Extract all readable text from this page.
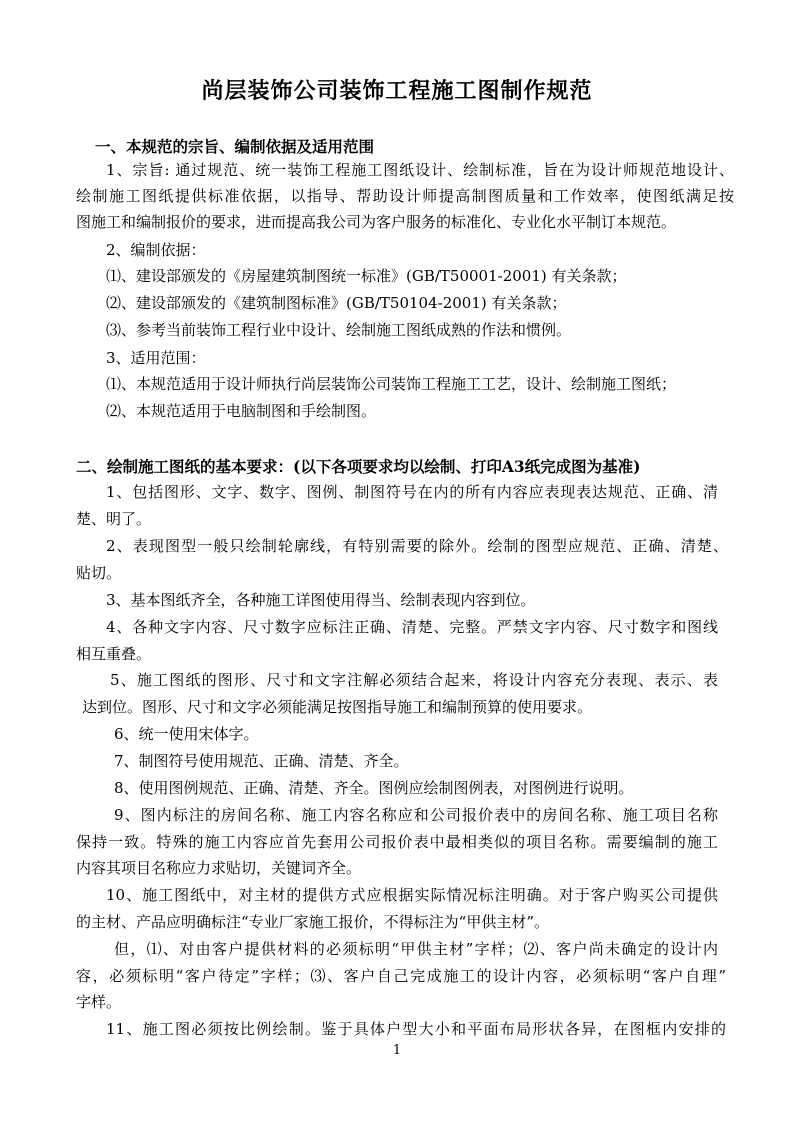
尚层装饰公司装饰工程施工图制作规范
一、本规范的宗旨、编制依据及适用范围
1、宗旨: 通过规范、统一装饰工程施工图纸设计、绘制标准，旨在为设计师规范地设计、
绘制施工图纸提供标准依据，以指导、帮助设计师提高制图质量和工作效率，使图纸满足按
图施工和编制报价的要求，进而提高我公司为客户服务的标准化、专业化水平制订本规范。
2、编制依据：
⑴、建设部颁发的《房屋建筑制图统一标准》(GB/T50001-2001) 有关条款；
⑵、建设部颁发的《建筑制图标准》(GB/T50104-2001) 有关条款；
⑶、参考当前装饰工程行业中设计、绘制施工图纸成熟的作法和惯例。
3、适用范围：
⑴、本规范适用于设计师执行尚层装饰公司装饰工程施工工艺，设计、绘制施工图纸；
⑵、本规范适用于电脑制图和手绘制图。
二、绘制施工图纸的基本要求：(以下各项要求均以绘制、打印A3纸完成图为基准)
1、包括图形、文字、数字、图例、制图符号在内的所有内容应表现表达规范、正确、清
楚、明了。
2、表现图型一般只绘制轮廓线，有特别需要的除外。绘制的图型应规范、正确、清楚、
贴切。
3、基本图纸齐全，各种施工详图使用得当、绘制表现内容到位。
4、各种文字内容、尺寸数字应标注正确、清楚、完整。严禁文字内容、尺寸数字和图线
相互重叠。
5、施工图纸的图形、尺寸和文字注解必须结合起来，将设计内容充分表现、表示、表
达到位。图形、尺寸和文字必须能满足按图指导施工和编制预算的使用要求。
6、统一使用宋体字。
7、制图符号使用规范、正确、清楚、齐全。
8、使用图例规范、正确、清楚、齐全。图例应绘制图例表，对图例进行说明。
9、图内标注的房间名称、施工内容名称应和公司报价表中的房间名称、施工项目名称
保持一致。特殊的施工内容应首先套用公司报价表中最相类似的项目名称。需要编制的施工
内容其项目名称应力求贴切，关键词齐全。
10、施工图纸中，对主材的提供方式应根据实际情况标注明确。对于客户购买公司提供
的主材、产品应明确标注“专业厂家施工报价，不得标注为“甲供主材”。
但，⑴、对由客户提供材料的必须标明“甲供主材”字样；⑵、客户尚未确定的设计内
容，必须标明“客户待定”字样；⑶、客户自己完成施工的设计内容，必须标明“客户自理”
字样。
11、施工图必须按比例绘制。鉴于具体户型大小和平面布局形状各异，在图框内安排的
1
